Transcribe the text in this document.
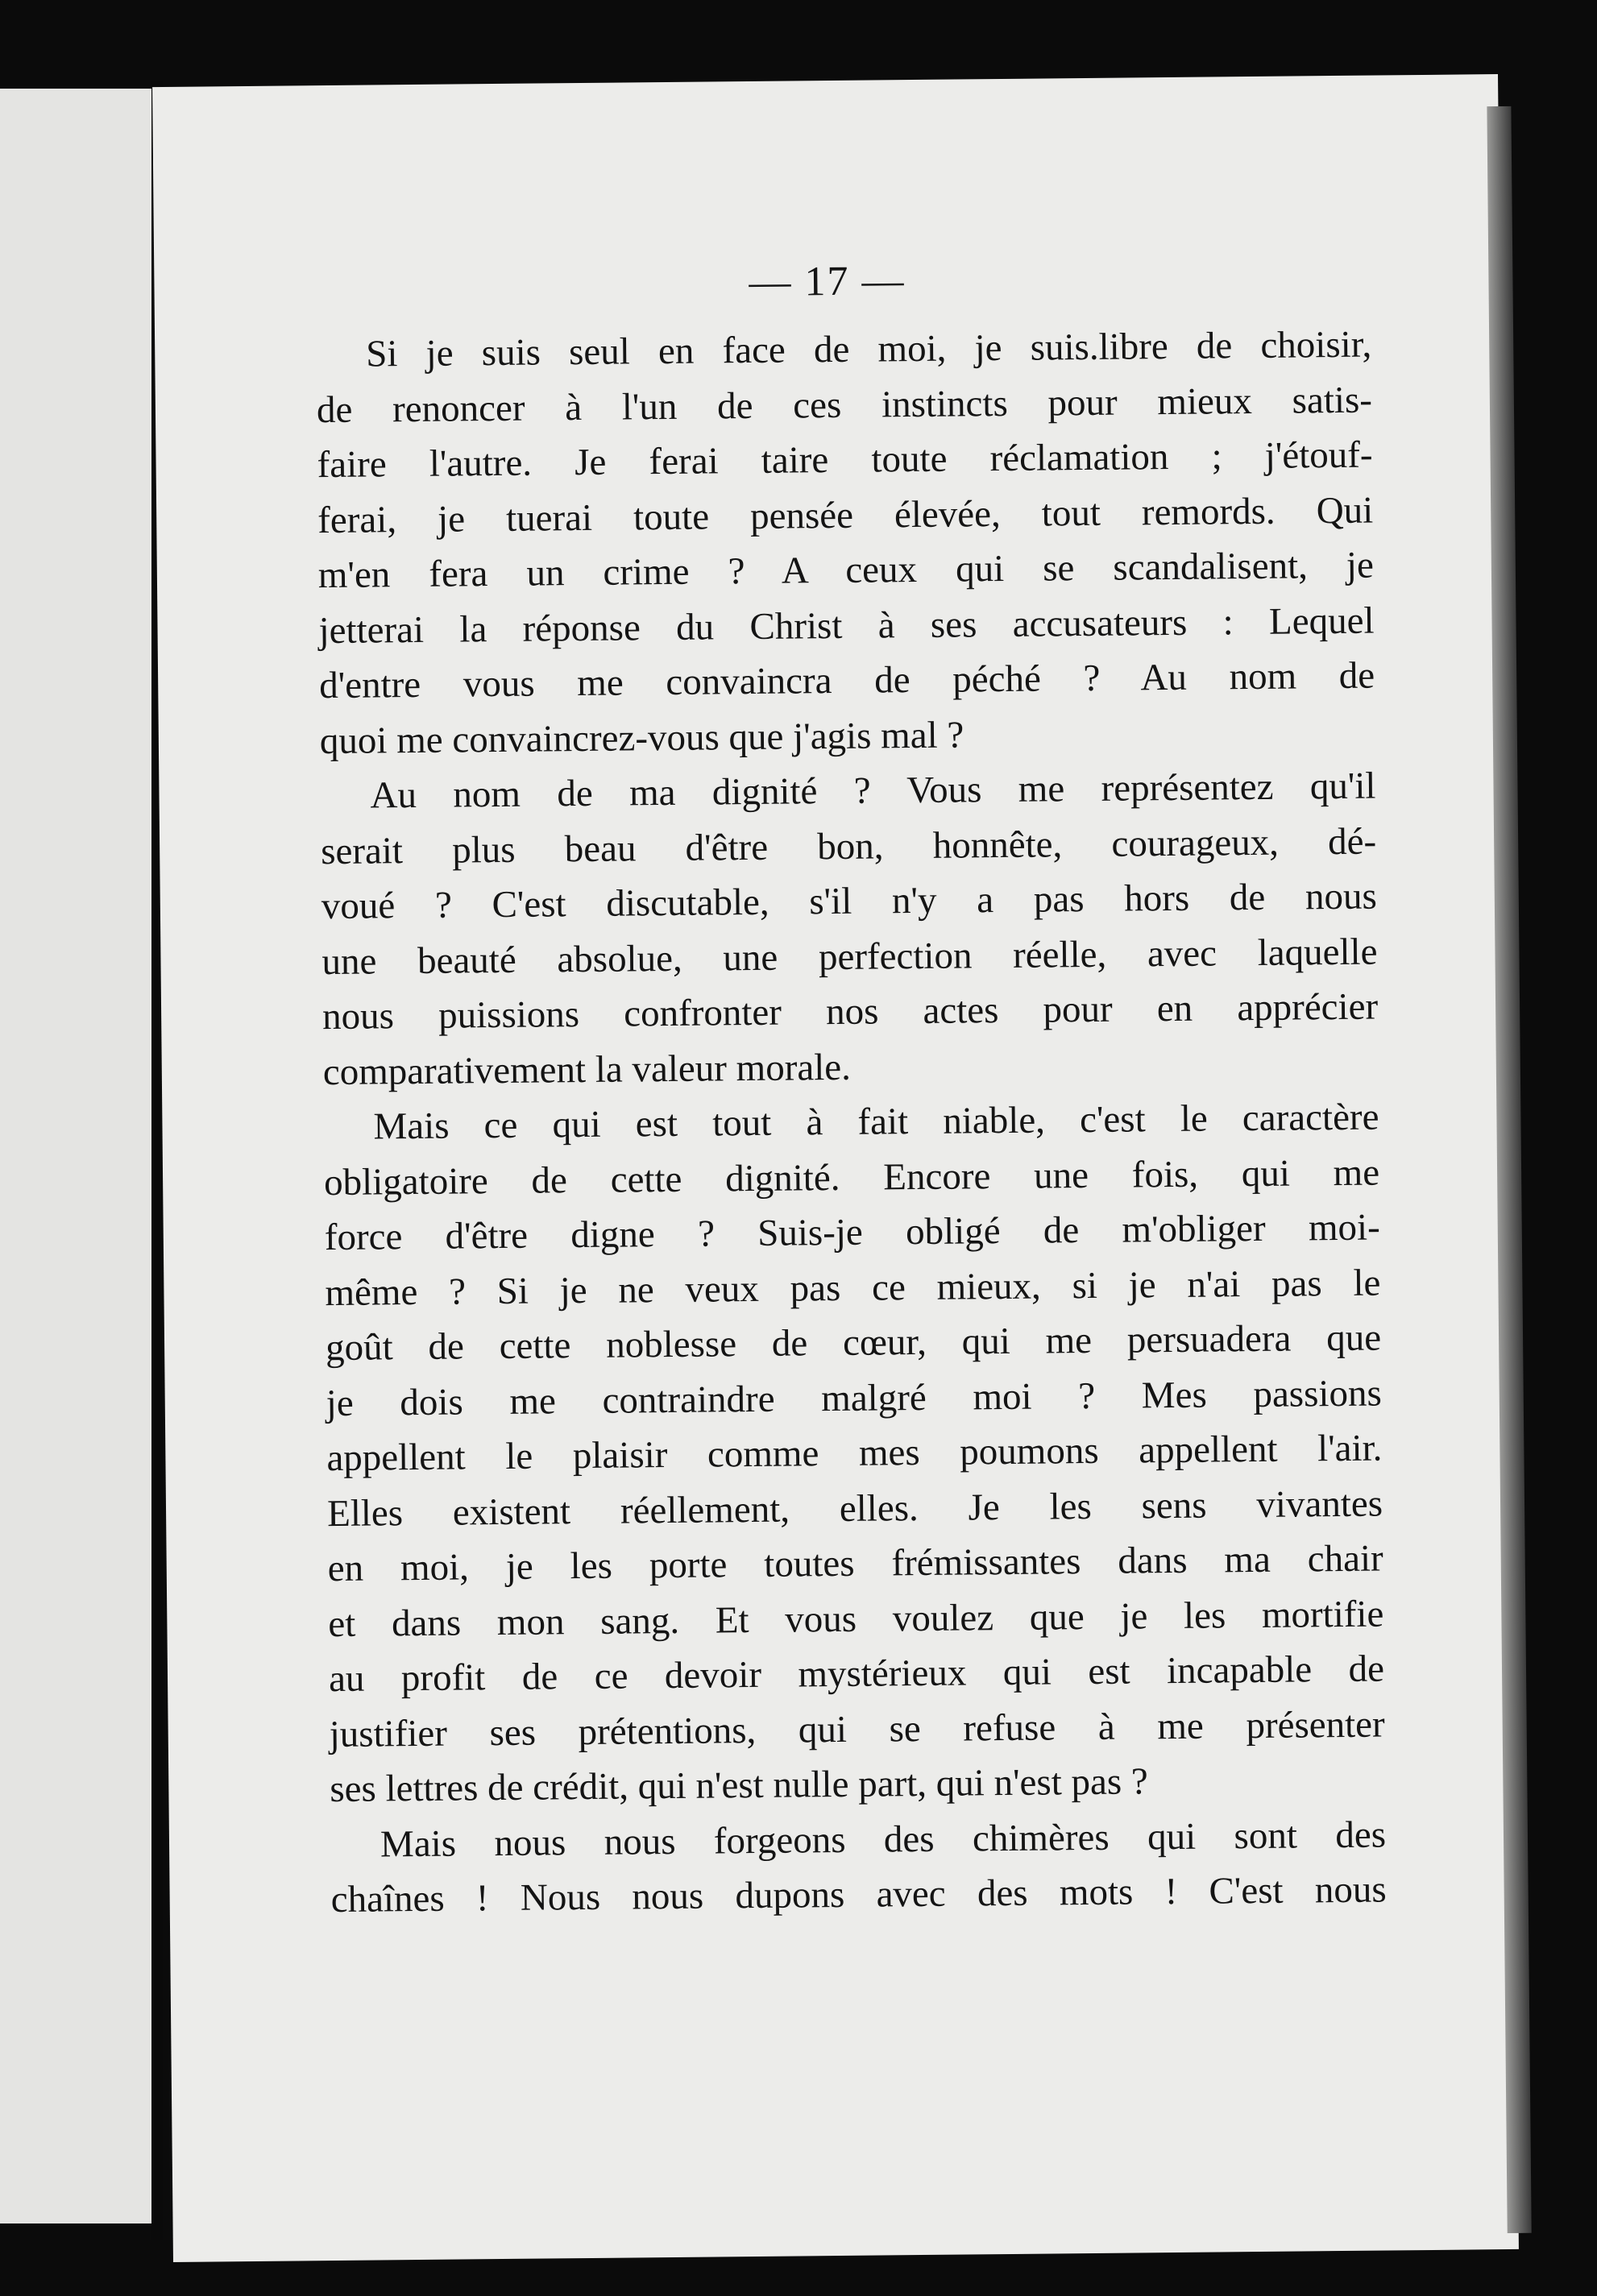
— 17 —
Si je suis seul en face de moi, je suis.libre de choisir,
de renoncer à l'un de ces instincts pour mieux satis-
faire l'autre. Je ferai taire toute réclamation ; j'étouf-
ferai, je tuerai toute pensée élevée, tout remords. Qui
m'en fera un crime ? A ceux qui se scandalisent, je
jetterai la réponse du Christ à ses accusateurs : Lequel
d'entre vous me convaincra de péché ? Au nom de
quoi me convaincrez-vous que j'agis mal ?
Au nom de ma dignité ? Vous me représentez qu'il
serait plus beau d'être bon, honnête, courageux, dé-
voué ? C'est discutable, s'il n'y a pas hors de nous
une beauté absolue, une perfection réelle, avec laquelle
nous puissions confronter nos actes pour en apprécier
comparativement la valeur morale.
Mais ce qui est tout à fait niable, c'est le caractère
obligatoire de cette dignité. Encore une fois, qui me
force d'être digne ? Suis-je obligé de m'obliger moi-
même ? Si je ne veux pas ce mieux, si je n'ai pas le
goût de cette noblesse de cœur, qui me persuadera que
je dois me contraindre malgré moi ? Mes passions
appellent le plaisir comme mes poumons appellent l'air.
Elles existent réellement, elles. Je les sens vivantes
en moi, je les porte toutes frémissantes dans ma chair
et dans mon sang. Et vous voulez que je les mortifie
au profit de ce devoir mystérieux qui est incapable de
justifier ses prétentions, qui se refuse à me présenter
ses lettres de crédit, qui n'est nulle part, qui n'est pas ?
Mais nous nous forgeons des chimères qui sont des
chaînes ! Nous nous dupons avec des mots ! C'est nous
